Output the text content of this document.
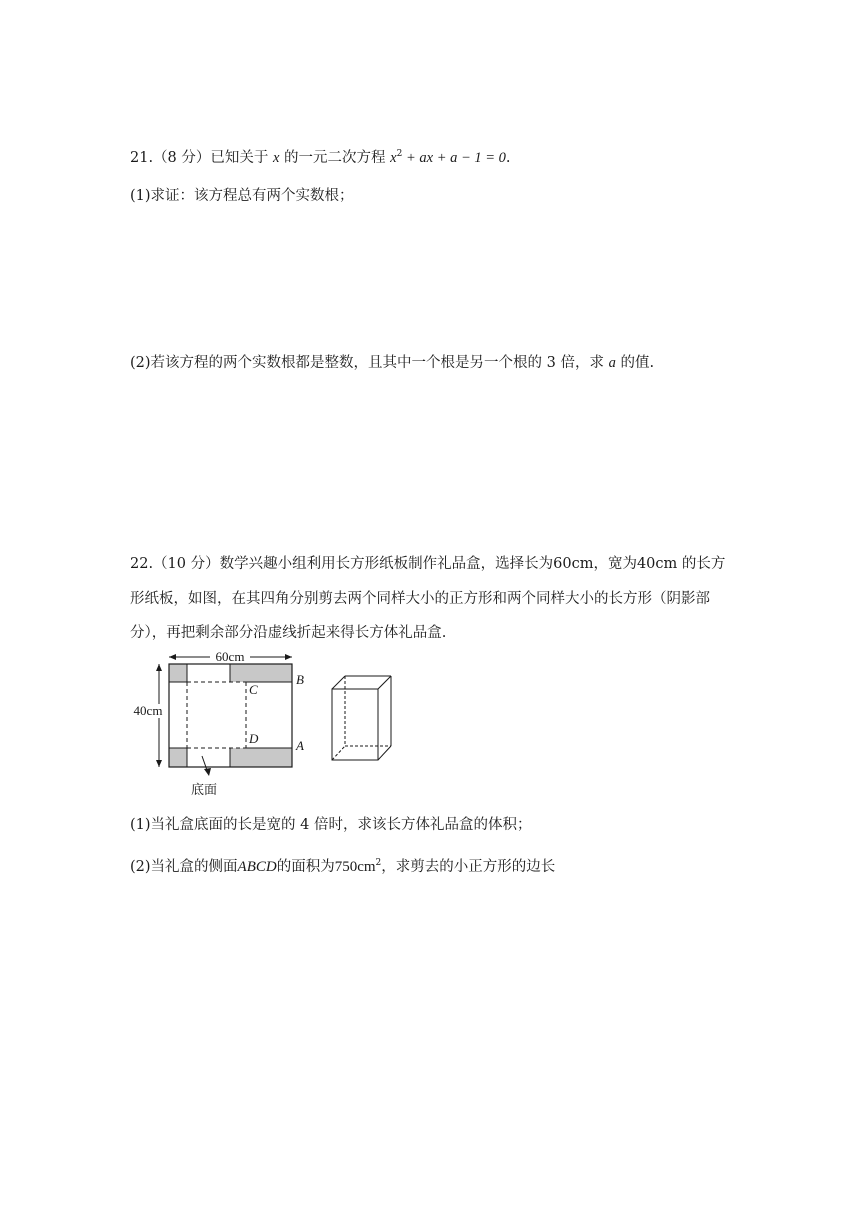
21.（8 分）已知关于 x 的一元二次方程 $x^2$ + ax + a − 1 = 0.
(1)求证：该方程总有两个实数根；
(2)若该方程的两个实数根都是整数，且其中一个根是另一个根的 3 倍，求 a 的值.
22.（10 分）数学兴趣小组利用长方形纸板制作礼品盒，选择长为60cm，宽为40cm 的长方
形纸板，如图，在其四角分别剪去两个同样大小的正方形和两个同样大小的长方形（阴影部
分），再把剩余部分沿虚线折起来得长方体礼品盒.
60cm
40cm
B
C
D	A
底面
(1)当礼盒底面的长是宽的 4 倍时，求该长方体礼品盒的体积；
(2)当礼盒的侧面ABCD的面积为$750cm^2$，求剪去的小正方形的边长
